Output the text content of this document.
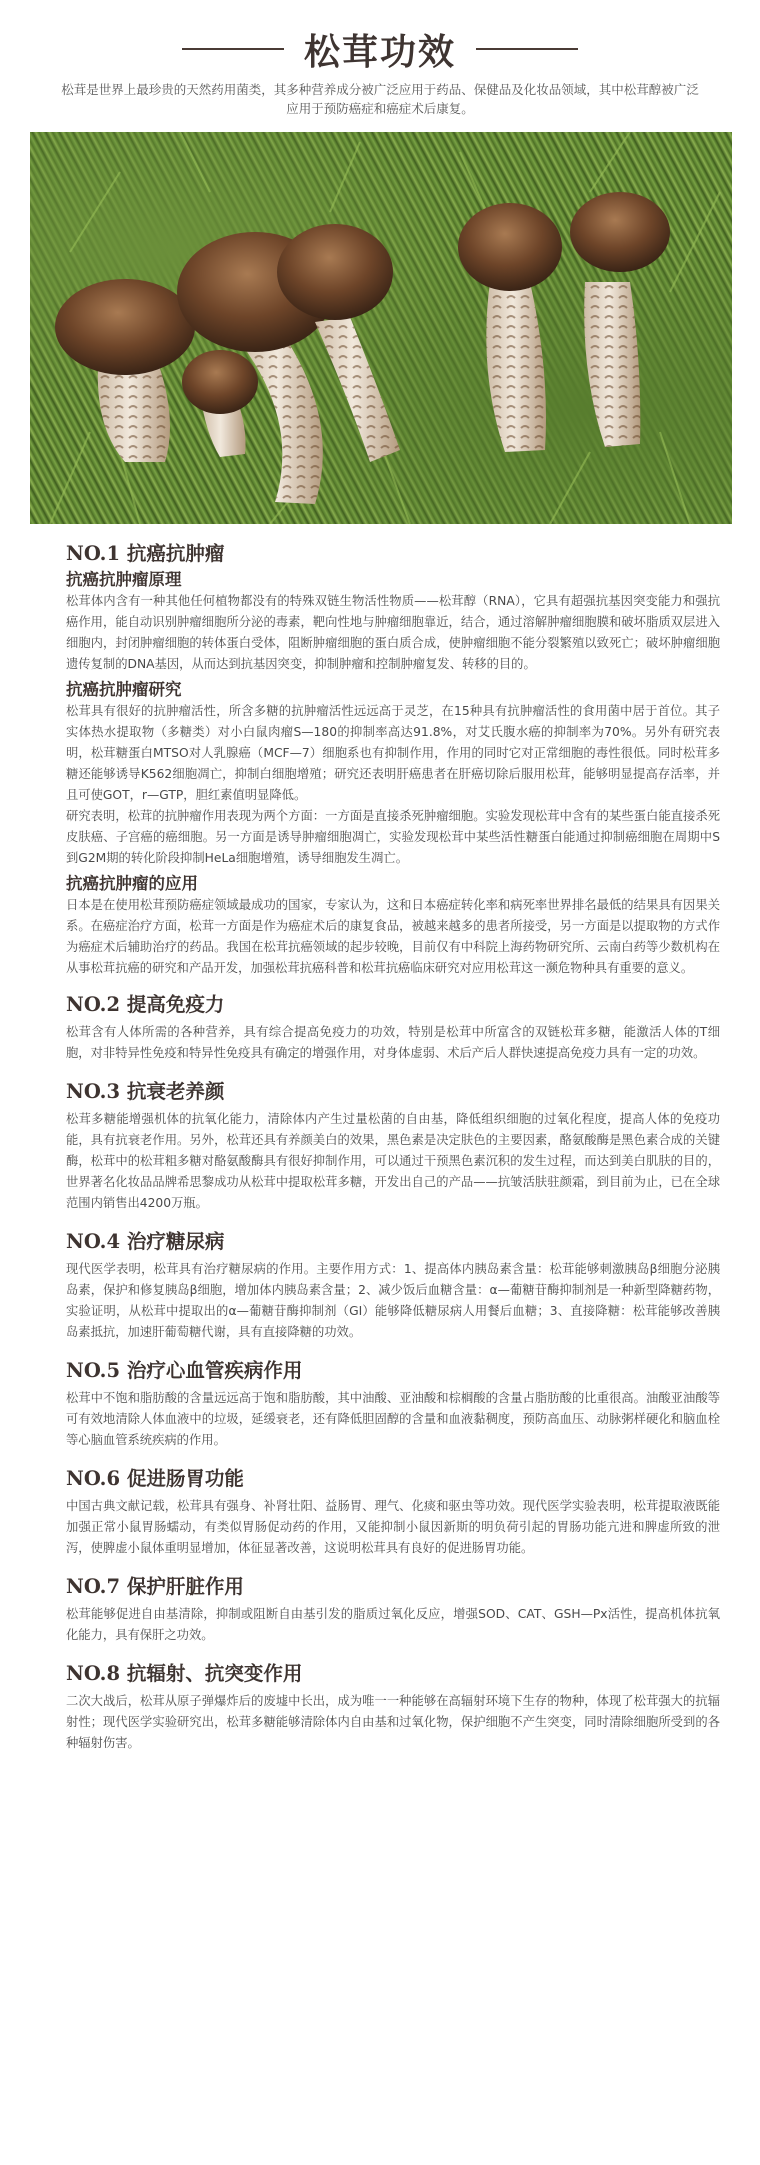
松茸功效

松茸是世界上最珍贵的天然药用菌类，其多种营养成分被广泛应用于药品、保健品及化妆品领域，其中松茸醇被广泛应用于预防癌症和癌症术后康复。

NO.1 抗癌抗肿瘤
抗癌抗肿瘤原理

松茸体内含有一种其他任何植物都没有的特殊双链生物活性物质——松茸醇（RNA），它具有超强抗基因突变能力和强抗癌作用，能自动识别肿瘤细胞所分泌的毒素，靶向性地与肿瘤细胞靠近，结合，通过溶解肿瘤细胞膜和破坏脂质双层进入细胞内，封闭肿瘤细胞的转体蛋白受体，阻断肿瘤细胞的蛋白质合成，使肿瘤细胞不能分裂繁殖以致死亡；破坏肿瘤细胞遗传复制的DNA基因，从而达到抗基因突变，抑制肿瘤和控制肿瘤复发、转移的目的。

抗癌抗肿瘤研究

松茸具有很好的抗肿瘤活性，所含多糖的抗肿瘤活性远远高于灵芝，在15种具有抗肿瘤活性的食用菌中居于首位。其子实体热水提取物（多糖类）对小白鼠肉瘤S—180的抑制率高达91.8%，对艾氏腹水癌的抑制率为70%。另外有研究表明，松茸糖蛋白MTSO对人乳腺癌（MCF—7）细胞系也有抑制作用，作用的同时它对正常细胞的毒性很低。同时松茸多糖还能够诱导K562细胞凋亡，抑制白细胞增殖；研究还表明肝癌患者在肝癌切除后服用松茸，能够明显提高存活率，并且可使GOT，r—GTP，胆红素值明显降低。

研究表明，松茸的抗肿瘤作用表现为两个方面：一方面是直接杀死肿瘤细胞。实验发现松茸中含有的某些蛋白能直接杀死皮肤癌、子宫癌的癌细胞。另一方面是诱导肿瘤细胞凋亡，实验发现松茸中某些活性糖蛋白能通过抑制癌细胞在周期中S到G2M期的转化阶段抑制HeLa细胞增殖，诱导细胞发生凋亡。

抗癌抗肿瘤的应用

日本是在使用松茸预防癌症领域最成功的国家，专家认为，这和日本癌症转化率和病死率世界排名最低的结果具有因果关系。在癌症治疗方面，松茸一方面是作为癌症术后的康复食品，被越来越多的患者所接受，另一方面是以提取物的方式作为癌症术后辅助治疗的药品。我国在松茸抗癌领域的起步较晚，目前仅有中科院上海药物研究所、云南白药等少数机构在从事松茸抗癌的研究和产品开发，加强松茸抗癌科普和松茸抗癌临床研究对应用松茸这一濒危物种具有重要的意义。

NO.2 提高免疫力

松茸含有人体所需的各种营养，具有综合提高免疫力的功效，特别是松茸中所富含的双链松茸多糖，能激活人体的T细胞，对非特异性免疫和特异性免疫具有确定的增强作用，对身体虚弱、术后产后人群快速提高免疫力具有一定的功效。

NO.3 抗衰老养颜

松茸多糖能增强机体的抗氧化能力，清除体内产生过量松菌的自由基，降低组织细胞的过氧化程度，提高人体的免疫功能，具有抗衰老作用。另外，松茸还具有养颜美白的效果，黑色素是决定肤色的主要因素，酪氨酸酶是黑色素合成的关键酶，松茸中的松茸粗多糖对酪氨酸酶具有很好抑制作用，可以通过干预黑色素沉积的发生过程，而达到美白肌肤的目的，世界著名化妆品品牌希思黎成功从松茸中提取松茸多糖，开发出自己的产品——抗皱活肤驻颜霜，到目前为止，已在全球范围内销售出4200万瓶。

NO.4 治疗糖尿病

现代医学表明，松茸具有治疗糖尿病的作用。主要作用方式：1、提高体内胰岛素含量：松茸能够刺激胰岛β细胞分泌胰岛素，保护和修复胰岛β细胞，增加体内胰岛素含量；2、减少饭后血糖含量：α—葡糖苷酶抑制剂是一种新型降糖药物，实验证明，从松茸中提取出的α—葡糖苷酶抑制剂（GI）能够降低糖尿病人用餐后血糖；3、直接降糖：松茸能够改善胰岛素抵抗，加速肝葡萄糖代谢，具有直接降糖的功效。

NO.5 治疗心血管疾病作用

松茸中不饱和脂肪酸的含量远远高于饱和脂肪酸，其中油酸、亚油酸和棕榈酸的含量占脂肪酸的比重很高。油酸亚油酸等可有效地清除人体血液中的垃圾，延缓衰老，还有降低胆固醇的含量和血液黏稠度，预防高血压、动脉粥样硬化和脑血栓等心脑血管系统疾病的作用。

NO.6 促进肠胃功能

中国古典文献记载，松茸具有强身、补肾壮阳、益肠胃、理气、化痰和驱虫等功效。现代医学实验表明，松茸提取液既能加强正常小鼠胃肠蠕动，有类似胃肠促动药的作用，又能抑制小鼠因新斯的明负荷引起的胃肠功能亢进和脾虚所致的泄泻，使脾虚小鼠体重明显增加，体征显著改善，这说明松茸具有良好的促进肠胃功能。

NO.7 保护肝脏作用

松茸能够促进自由基清除，抑制或阻断自由基引发的脂质过氧化反应，增强SOD、CAT、GSH—Px活性，提高机体抗氧化能力，具有保肝之功效。

NO.8 抗辐射、抗突变作用

二次大战后，松茸从原子弹爆炸后的废墟中长出，成为唯一一种能够在高辐射环境下生存的物种，体现了松茸强大的抗辐射性；现代医学实验研究出，松茸多糖能够清除体内自由基和过氧化物，保护细胞不产生突变，同时清除细胞所受到的各种辐射伤害。
